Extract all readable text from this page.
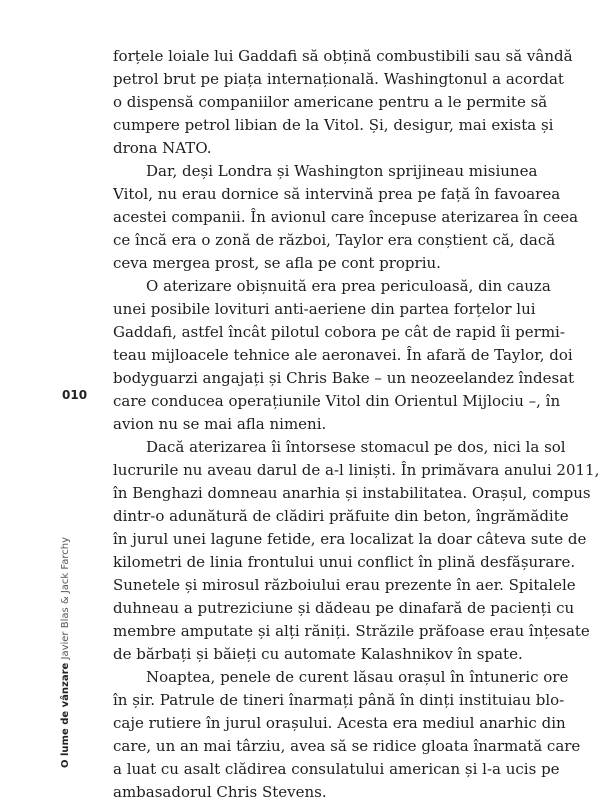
forțele loiale lui Gaddafi să obțină combustibili sau să vândă
petrol brut pe piața internațională. Washingtonul a acordat
o dispensă companiilor americane pentru a le permite să
cumpere petrol libian de la Vitol. Și, desigur, mai exista și
drona NATO.
Dar, deși Londra și Washington sprijineau misiunea
Vitol, nu erau dornice să intervină prea pe față în favoarea
acestei companii. În avionul care începuse aterizarea în ceea
ce încă era o zonă de război, Taylor era conștient că, dacă
ceva mergea prost, se afla pe cont propriu.
O aterizare obișnuită era prea periculoasă, din cauza
unei posibile lovituri anti-aeriene din partea forțelor lui
Gaddafi, astfel încât pilotul cobora pe cât de rapid îi permi-
teau mijloacele tehnice ale aeronavei. În afară de Taylor, doi
bodyguarzi angajați și Chris Bake – un neozeelandez îndesat
care conducea operațiunile Vitol din Orientul Mijlociu –, în
avion nu se mai afla nimeni.
Dacă aterizarea îi întorsese stomacul pe dos, nici la sol
lucrurile nu aveau darul de a-l liniști. În primăvara anului 2011,
în Benghazi domneau anarhia și instabilitatea. Orașul, compus
dintr-o adunătură de clădiri prăfuite din beton, îngrămădite
în jurul unei lagune fetide, era localizat la doar câteva sute de
kilometri de linia frontului unui conflict în plină desfășurare.
Sunetele și mirosul războiului erau prezente în aer. Spitalele
duhneau a putreziciune și dădeau pe dinafară de pacienți cu
membre amputate și alți răniți. Străzile prăfoase erau înțesate
de bărbați și băieți cu automate Kalashnikov în spate.
Noaptea, penele de curent lăsau orașul în întuneric ore
în șir. Patrule de tineri înarmați până în dinți instituiau blo-
caje rutiere în jurul orașului. Acesta era mediul anarhic din
care, un an mai târziu, avea să se ridice gloata înarmată care
a luat cu asalt clădirea consulatului american și l-a ucis pe
ambasadorul Chris Stevens.
010
O lume de vânzare Javier Blas & Jack Farchy
